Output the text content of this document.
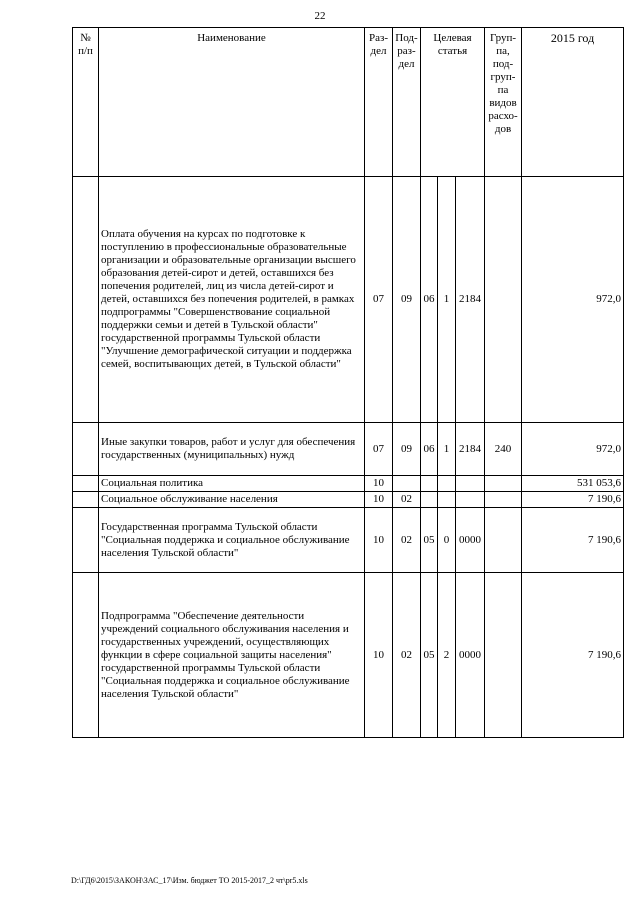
22
№ п/п	Наименование	Раз-дел	Под-раз-дел	Целевая статья			Груп-па, под-груп-па видов расхо-дов	2015 год
	Оплата обучения на курсах по подготовке к поступлению в профессиональные образовательные организации и образовательные организации высшего образования детей-сирот и детей, оставшихся без попечения родителей, лиц из числа детей-сирот и детей, оставшихся без попечения родителей, в рамках подпрограммы "Совершенствование социальной поддержки семьи и детей в Тульской области" государственной программы Тульской области "Улучшение демографической ситуации и поддержка семей, воспитывающих детей, в Тульской области"	07	09	06	1	2184		972,0
	Иные закупки товаров, работ и услуг для обеспечения государственных (муниципальных) нужд	07	09	06	1	2184	240	972,0
	Социальная политика	10						531 053,6
	Социальное обслуживание населения	10	02					7 190,6
	Государственная программа Тульской области "Социальная поддержка и социальное обслуживание населения Тульской области"	10	02	05	0	0000		7 190,6
	Подпрограмма "Обеспечение деятельности учреждений социального обслуживания населения и государственных учреждений, осуществляющих функции в сфере социальной защиты населения" государственной программы Тульской области "Социальная поддержка и социальное обслуживание населения Тульской области"	10	02	05	2	0000		7 190,6
D:\ГД6\2015\ЗАКОН\ЗАС_17\Изм. бюджет ТО 2015-2017_2 чт\pr5.xls
